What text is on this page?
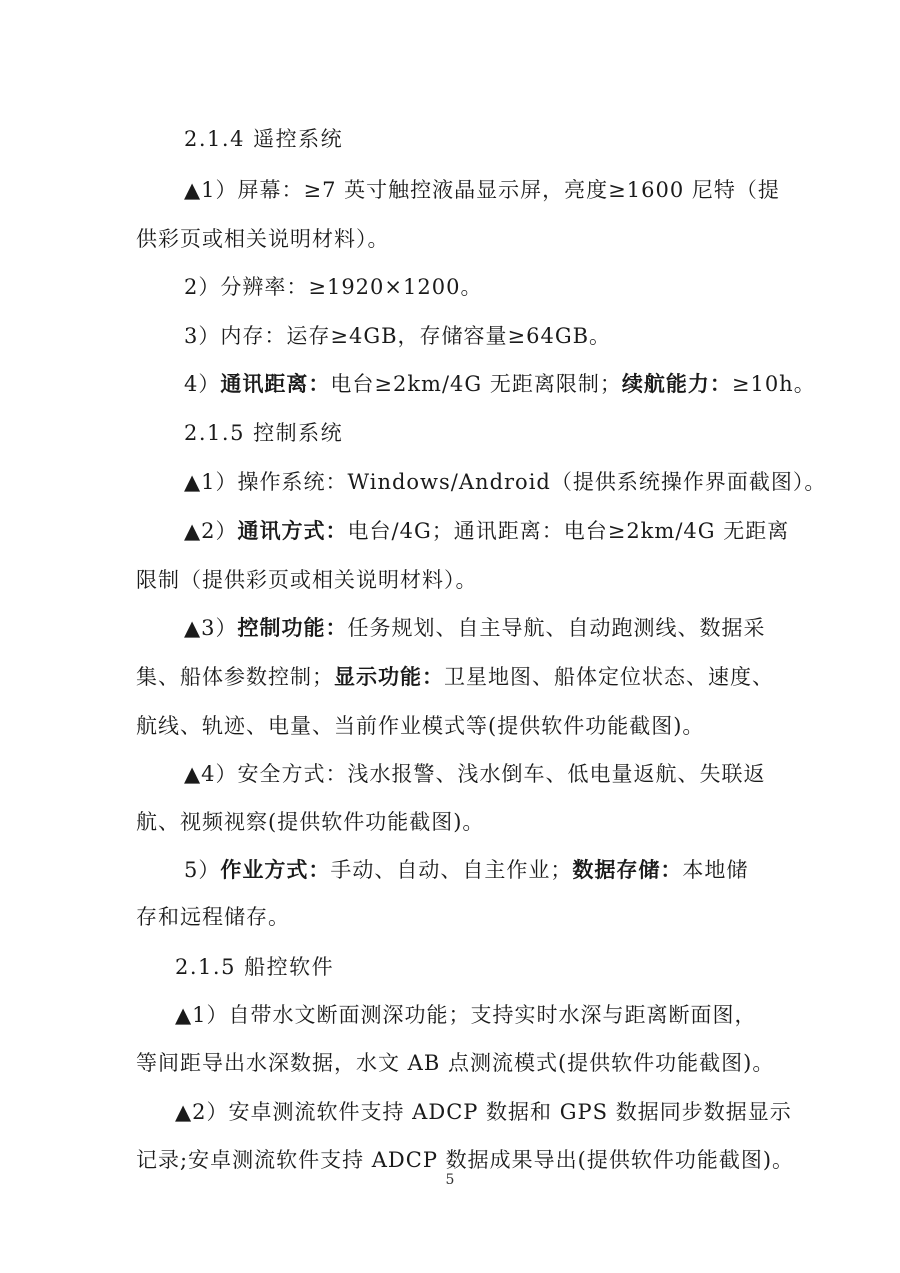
2.1.4 遥控系统
▲1）屏幕：≥7 英寸触控液晶显示屏，亮度≥1600 尼特（提
供彩页或相关说明材料）。
2）分辨率：≥1920×1200。
3）内存：运存≥4GB，存储容量≥64GB。
4）通讯距离：电台≥2km/4G 无距离限制；续航能力：≥10h。
2.1.5 控制系统
▲1）操作系统：Windows/Android（提供系统操作界面截图）。
▲2）通讯方式：电台/4G；通讯距离：电台≥2km/4G 无距离
限制（提供彩页或相关说明材料）。
▲3）控制功能：任务规划、自主导航、自动跑测线、数据采
集、船体参数控制；显示功能：卫星地图、船体定位状态、速度、
航线、轨迹、电量、当前作业模式等(提供软件功能截图)。
▲4）安全方式：浅水报警、浅水倒车、低电量返航、失联返
航、视频视察(提供软件功能截图)。
5）作业方式：手动、自动、自主作业；数据存储：本地储
存和远程储存。
2.1.5 船控软件
▲1）自带水文断面测深功能；支持实时水深与距离断面图，
等间距导出水深数据，水文 AB 点测流模式(提供软件功能截图)。
▲2）安卓测流软件支持 ADCP 数据和 GPS 数据同步数据显示
记录;安卓测流软件支持 ADCP 数据成果导出(提供软件功能截图)。
5
